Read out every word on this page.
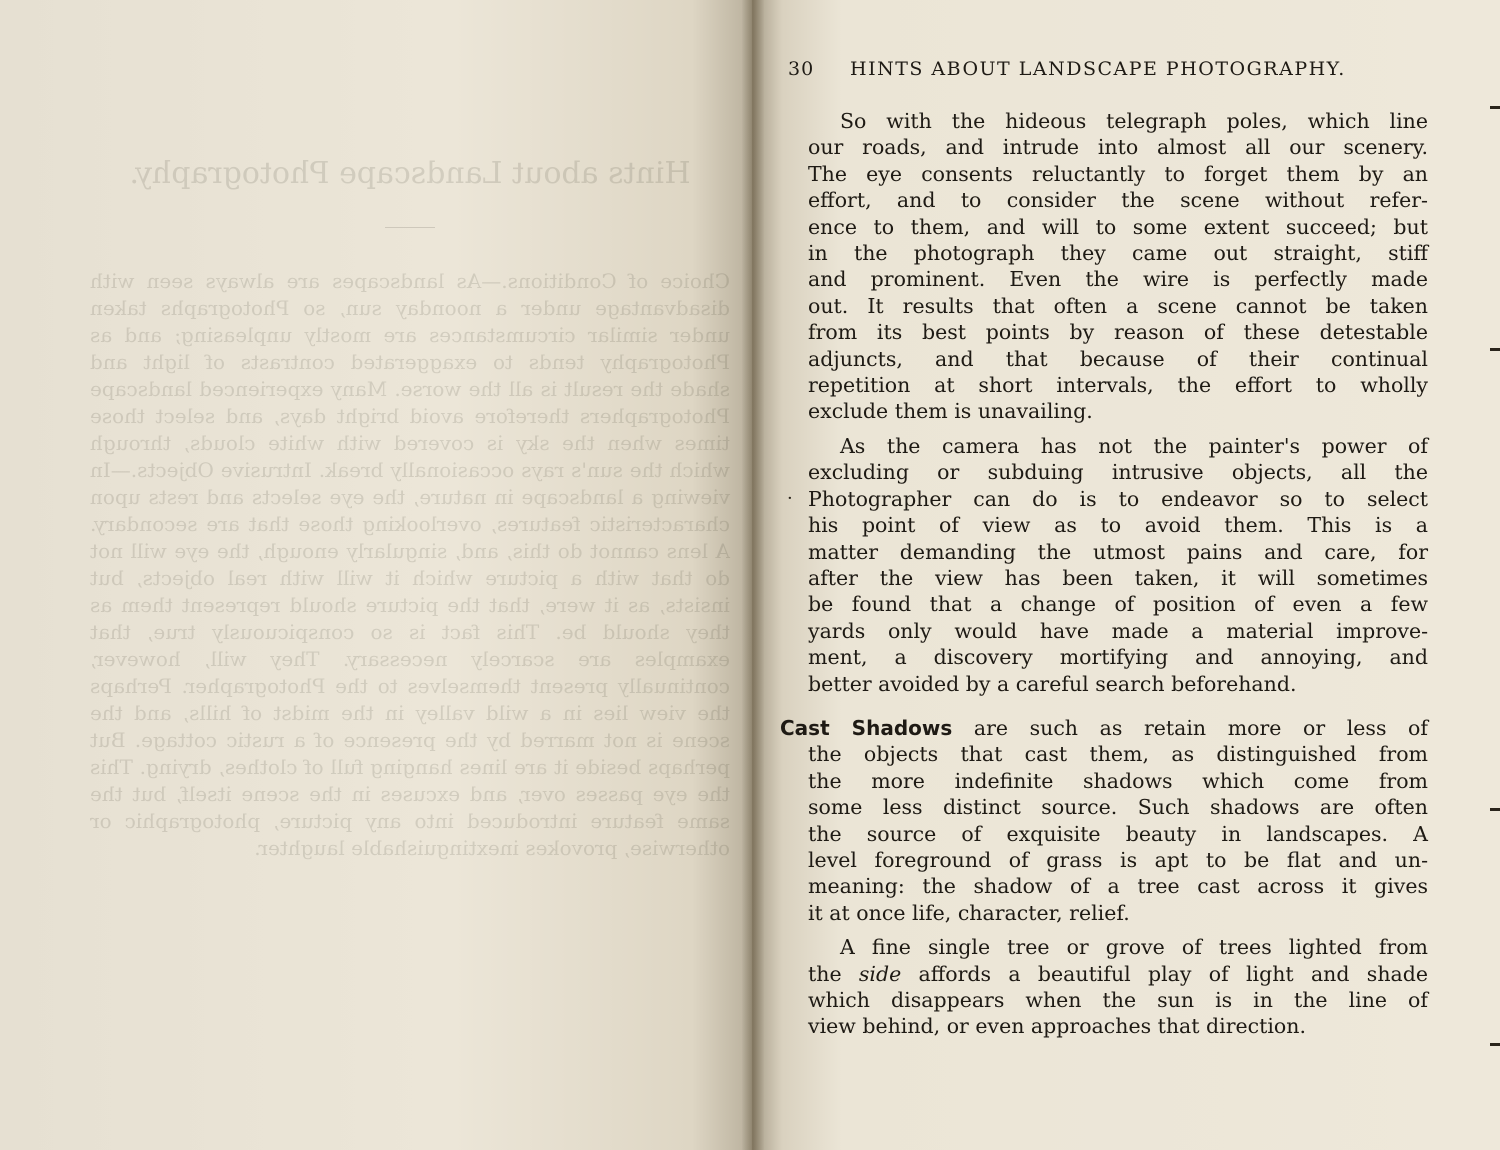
Hints about Landscape Photography.
Choice of Conditions.—As landscapes are always seen with disadvantage under a noonday sun, so Photographs taken under similar circumstances are mostly unpleasing; and as Photography tends to exaggerated contrasts of light and shade the result is all the worse. Many experienced landscape Photographers therefore avoid bright days, and select those times when the sky is covered with white clouds, through which the sun's rays occasionally break. Intrusive Objects.—In viewing a landscape in nature, the eye selects and rests upon characteristic features, overlooking those that are secondary. A lens cannot do this, and, singularly enough, the eye will not do that with a picture which it will with real objects, but insists, as it were, that the picture should represent them as they should be. This fact is so conspicuously true, that examples are scarcely necessary. They will, however, continually present themselves to the Photographer. Perhaps the view lies in a wild valley in the midst of hills, and the scene is not marred by the presence of a rustic cottage. But perhaps beside it are lines hanging full of clothes, drying. This the eye passes over, and excuses in the scene itself, but the same feature introduced into any picture, photographic or otherwise, provokes inextinguishable laughter.
30 HINTS ABOUT LANDSCAPE PHOTOGRAPHY.
·
So with the hideous telegraph poles, which line
our roads, and intrude into almost all our scenery.
The eye consents reluctantly to forget them by an
effort, and to consider the scene without refer-
ence to them, and will to some extent succeed; but
in the photograph they came out straight, stiff
and prominent. Even the wire is perfectly made
out. It results that often a scene cannot be taken
from its best points by reason of these detestable
adjuncts, and that because of their continual
repetition at short intervals, the effort to wholly
exclude them is unavailing.
As the camera has not the painter's power of
excluding or subduing intrusive objects, all the
Photographer can do is to endeavor so to select
his point of view as to avoid them. This is a
matter demanding the utmost pains and care, for
after the view has been taken, it will sometimes
be found that a change of position of even a few
yards only would have made a material improve-
ment, a discovery mortifying and annoying, and
better avoided by a careful search beforehand.
Cast Shadows are such as retain more or less of
the objects that cast them, as distinguished from
the more indefinite shadows which come from
some less distinct source. Such shadows are often
the source of exquisite beauty in landscapes. A
level foreground of grass is apt to be flat and un-
meaning: the shadow of a tree cast across it gives
it at once life, character, relief.
A fine single tree or grove of trees lighted from
the side affords a beautiful play of light and shade
which disappears when the sun is in the line of
view behind, or even approaches that direction.
